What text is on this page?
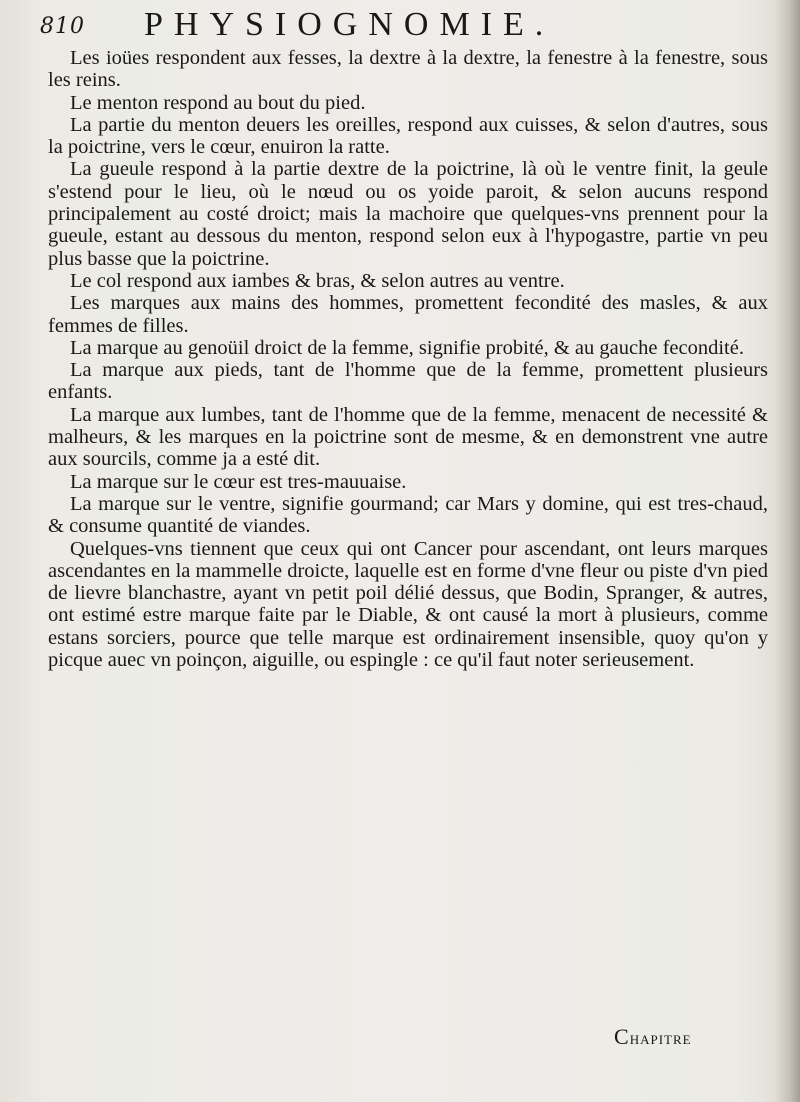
810 PHYSIOGNOMIE.

Les ioües respondent aux fesses, la dextre à la dextre, la fenestre à la fenestre, sous les reins.

Le menton respond au bout du pied.

La partie du menton deuers les oreilles, respond aux cuisses, & selon d'autres, sous la poictrine, vers le cœur, enuiron la ratte.

La gueule respond à la partie dextre de la poictrine, là où le ventre finit, la geule s'estend pour le lieu, où le nœud ou os yoide paroit, & selon aucuns respond principalement au costé droict; mais la machoire que quelques-vns prennent pour la gueule, estant au dessous du menton, respond selon eux à l'hypogastre, partie vn peu plus basse que la poictrine.

Le col respond aux iambes & bras, & selon autres au ventre.

Les marques aux mains des hommes, promettent fecondité des masles, & aux femmes de filles.

La marque au genoüil droict de la femme, signifie probité, & au gauche fecondité.

La marque aux pieds, tant de l'homme que de la femme, promettent plusieurs enfants.

La marque aux lumbes, tant de l'homme que de la femme, menacent de necessité & malheurs, & les marques en la poictrine sont de mesme, & en demonstrent vne autre aux sourcils, comme ja a esté dit.

La marque sur le cœur est tres-mauuaise.

La marque sur le ventre, signifie gourmand; car Mars y domine, qui est tres-chaud, & consume quantité de viandes.

Quelques-vns tiennent que ceux qui ont Cancer pour ascendant, ont leurs marques ascendantes en la mammelle droicte, laquelle est en forme d'vne fleur ou piste d'vn pied de lievre blanchastre, ayant vn petit poil délié dessus, que Bodin, Spranger, & autres, ont estimé estre marque faite par le Diable, & ont causé la mort à plusieurs, comme estans sorciers, pource que telle marque est ordinairement insensible, quoy qu'on y picque auec vn poinçon, aiguille, ou espingle : ce qu'il faut noter serieusement.

Chapitre
